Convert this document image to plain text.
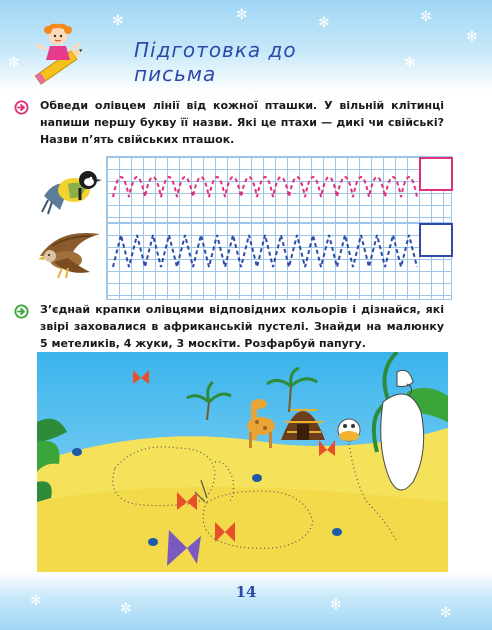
✻	✼	✻	✼
✻
✼	✻
Підготовка до письма
Обведи олівцем лінії від кожної пташки. У вільній клітинці напиши першу букву її назви. Які це птахи — дикі чи свійські? Назви п’ять свійських пташок.
З’єднай крапки олівцями відповідних кольорів і дізнайся, які звірі заховалися в африканській пустелі. Знайди на малюнку 5 метеликів, 4 жуки, 3 москіти. Розфарбуй папугу.
✻	✼	✻	✼
14
